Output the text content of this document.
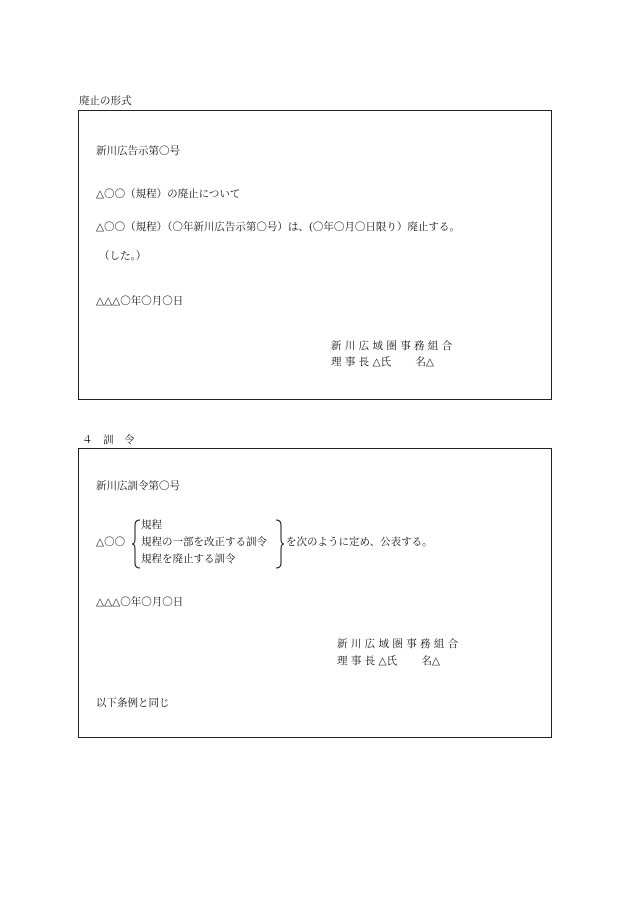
廃止の形式
新川広告示第〇号
△〇〇（規程）の廃止について
△〇〇（規程）（〇年新川広告示第〇号）は、(〇年〇月〇日限り）廃止する。
（した。）
△△△〇年〇月〇日
新 川 広 域 圏 事 務 組 合
理 事 長 △氏　　 名△
４　訓　令
新川広訓令第〇号
△〇〇
規程
規程の一部を改正する訓令
規程を廃止する訓令
を次のように定め、公表する。
△△△〇年〇月〇日
新 川 広 域 圏 事 務 組 合
理 事 長 △氏　　 名△
以下条例と同じ
